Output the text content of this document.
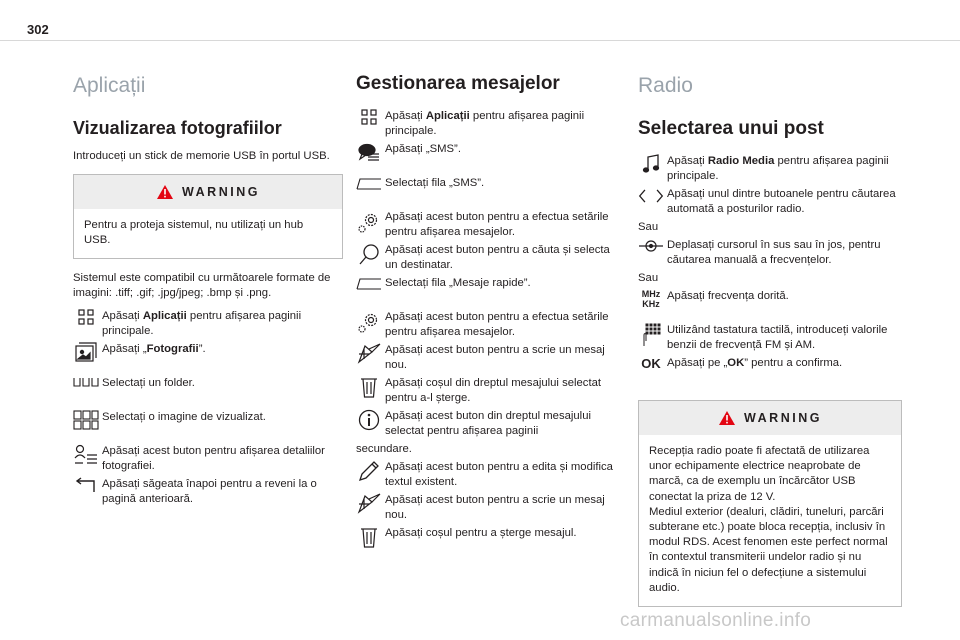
302
Aplicații
Vizualizarea fotografiilor

Introduceți un stick de memorie USB în portul USB.

WARNING
Pentru a proteja sistemul, nu utilizați un hub USB.

Sistemul este compatibil cu următoarele formate de imagini: .tiff; .gif; .jpg/jpeg; .bmp și .png.

Apăsați Aplicații pentru afișarea paginii principale.
Apăsați „Fotografii”.
Selectați un folder.
Selectați o imagine de vizualizat.
Apăsați acest buton pentru afișarea detaliilor fotografiei.
Apăsați săgeata înapoi pentru a reveni la o pagină anterioară.
Gestionarea mesajelor
Apăsați Aplicații pentru afișarea paginii principale.
Apăsați „SMS”.
Selectați fila „SMS”.
Apăsați acest buton pentru a efectua setările pentru afișarea mesajelor.
Apăsați acest buton pentru a căuta și selecta un destinatar.
Selectați fila „Mesaje rapide”.
Apăsați acest buton pentru a efectua setările pentru afișarea mesajelor.
Apăsați acest buton pentru a scrie un mesaj nou.
Apăsați coșul din dreptul mesajului selectat pentru a-l șterge.
Apăsați acest buton din dreptul mesajului selectat pentru afișarea paginii
secundare.
Apăsați acest buton pentru a edita și modifica textul existent.
Apăsați acest buton pentru a scrie un mesaj nou.
Apăsați coșul pentru a șterge mesajul.
Radio
Selectarea unui post
Apăsați Radio Media pentru afișarea paginii principale.
Apăsați unul dintre butoanele pentru căutarea automată a posturilor radio.
Sau
Deplasați cursorul în sus sau în jos, pentru căutarea manuală a frecvențelor.
Sau
MHz
KHz
Apăsați frecvența dorită.
Utilizând tastatura tactilă, introduceți valorile benzii de frecvență FM și AM.
OK Apăsați pe „OK” pentru a confirma.
WARNING
Recepția radio poate fi afectată de utilizarea unor echipamente electrice neaprobate de marcă, ca de exemplu un încărcător USB conectat la priza de 12 V.
Mediul exterior (dealuri, clădiri, tuneluri, parcări subterane etc.) poate bloca recepția, inclusiv în modul RDS. Acest fenomen este perfect normal în contextul transmiterii undelor radio și nu indică în niciun fel o defecțiune a sistemului audio.
carmanualsonline.info
